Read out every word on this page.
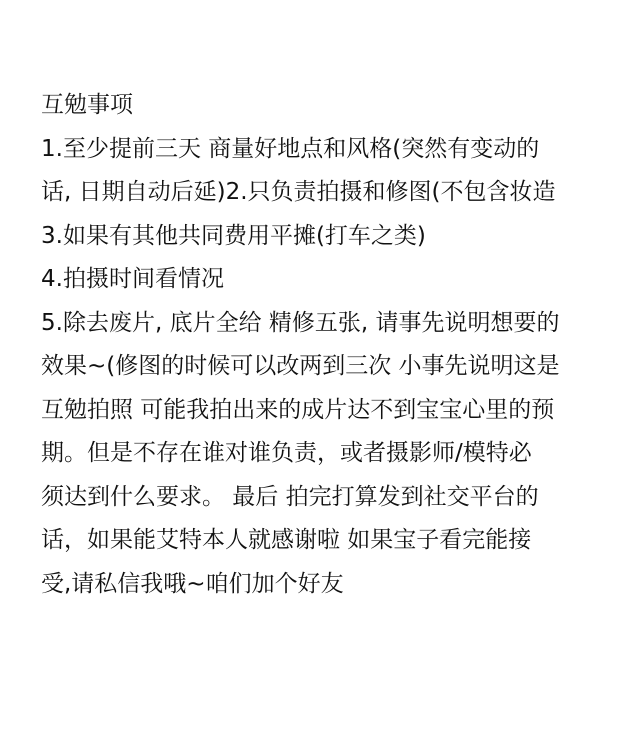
互勉事项
1.至少提前三天 商量好地点和风格(突然有变动的
话, 日期自动后延)2.只负责拍摄和修图(不包含妆造
3.如果有其他共同费用平摊(打车之类)
4.拍摄时间看情况
5.除去废片, 底片全给 精修五张, 请事先说明想要的
效果~(修图的时候可以改两到三次 小事先说明这是
互勉拍照 可能我拍出来的成片达不到宝宝心里的预
期。但是不存在谁对谁负责，或者摄影师/模特必
须达到什么要求。 最后 拍完打算发到社交平台的
话，如果能艾特本人就感谢啦 如果宝子看完能接
受,请私信我哦~咱们加个好友
